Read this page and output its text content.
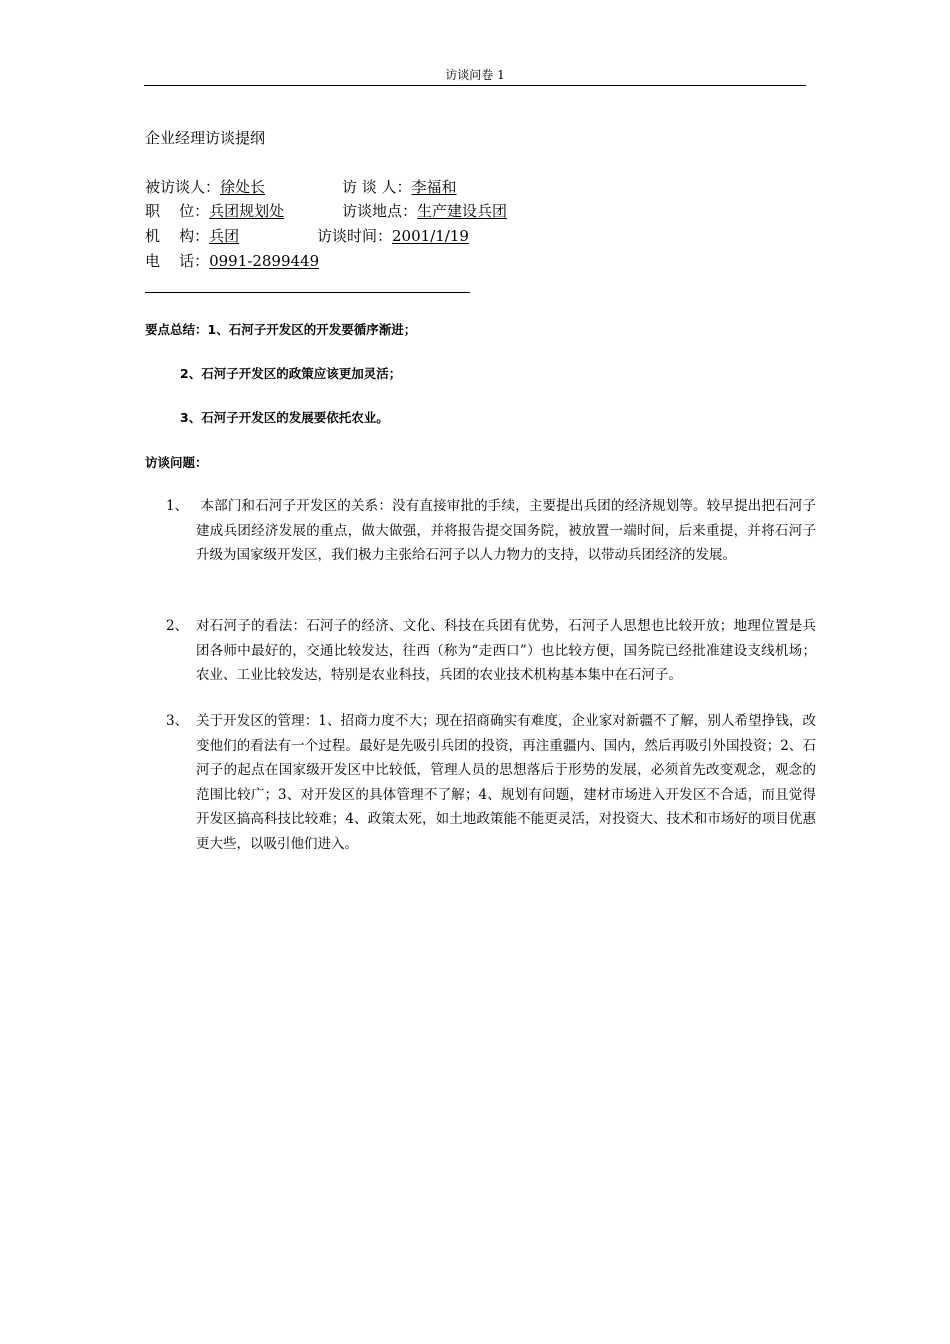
访谈问卷 1
企业经理访谈提纲
被访谈人：徐处长	访 谈 人：李福和
职    位：兵团规划处	访谈地点：生产建设兵团
机    构：兵团	访谈时间：2001/1/19
电    话：0991-2899449
要点总结：1、石河子开发区的开发要循序渐进；
2、石河子开发区的政策应该更加灵活；
3、石河子开发区的发展要依托农业。
访谈问题：
1、 本部门和石河子开发区的关系：没有直接审批的手续，主要提出兵团的经济规划等。较早提出把石河子建成兵团经济发展的重点，做大做强，并将报告提交国务院，被放置一端时间，后来重提，并将石河子升级为国家级开发区，我们极力主张给石河子以人力物力的支持，以带动兵团经济的发展。
2、 对石河子的看法：石河子的经济、文化、科技在兵团有优势，石河子人思想也比较开放；地理位置是兵团各师中最好的，交通比较发达，往西（称为“走西口”）也比较方便，国务院已经批准建设支线机场；农业、工业比较发达，特别是农业科技，兵团的农业技术机构基本集中在石河子。
3、 关于开发区的管理：1、招商力度不大；现在招商确实有难度，企业家对新疆不了解，别人希望挣钱，改变他们的看法有一个过程。最好是先吸引兵团的投资，再注重疆内、国内，然后再吸引外国投资；2、石河子的起点在国家级开发区中比较低，管理人员的思想落后于形势的发展，必须首先改变观念，观念的范围比较广；3、对开发区的具体管理不了解；4、规划有问题，建材市场进入开发区不合适，而且觉得开发区搞高科技比较难；4、政策太死，如土地政策能不能更灵活，对投资大、技术和市场好的项目优惠更大些，以吸引他们进入。
